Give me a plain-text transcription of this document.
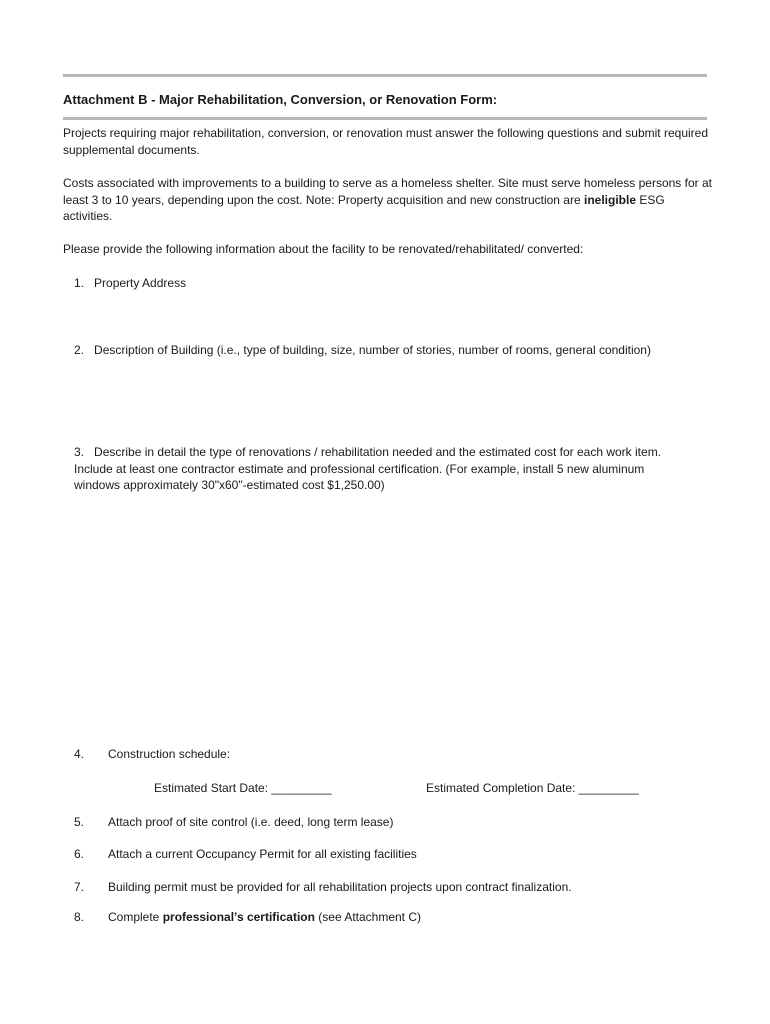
Attachment B - Major Rehabilitation, Conversion, or Renovation Form:
Projects requiring major rehabilitation, conversion, or renovation must answer the following questions and submit required supplemental documents.
Costs associated with improvements to a building to serve as a homeless shelter. Site must serve homeless persons for at least 3 to 10 years, depending upon the cost. Note: Property acquisition and new construction are ineligible ESG activities.
Please provide the following information about the facility to be renovated/rehabilitated/ converted:
1. Property Address
2. Description of Building (i.e., type of building, size, number of stories, number of rooms, general condition)
3. Describe in detail the type of renovations / rehabilitation needed and the estimated cost for each work item. Include at least one contractor estimate and professional certification. (For example, install 5 new aluminum windows approximately 30"x60"-estimated cost $1,250.00)
4. Construction schedule:
Estimated Start Date: _________	Estimated Completion Date: _________
5. Attach proof of site control (i.e. deed, long term lease)
6. Attach a current Occupancy Permit for all existing facilities
7. Building permit must be provided for all rehabilitation projects upon contract finalization.
8. Complete professional’s certification (see Attachment C)
